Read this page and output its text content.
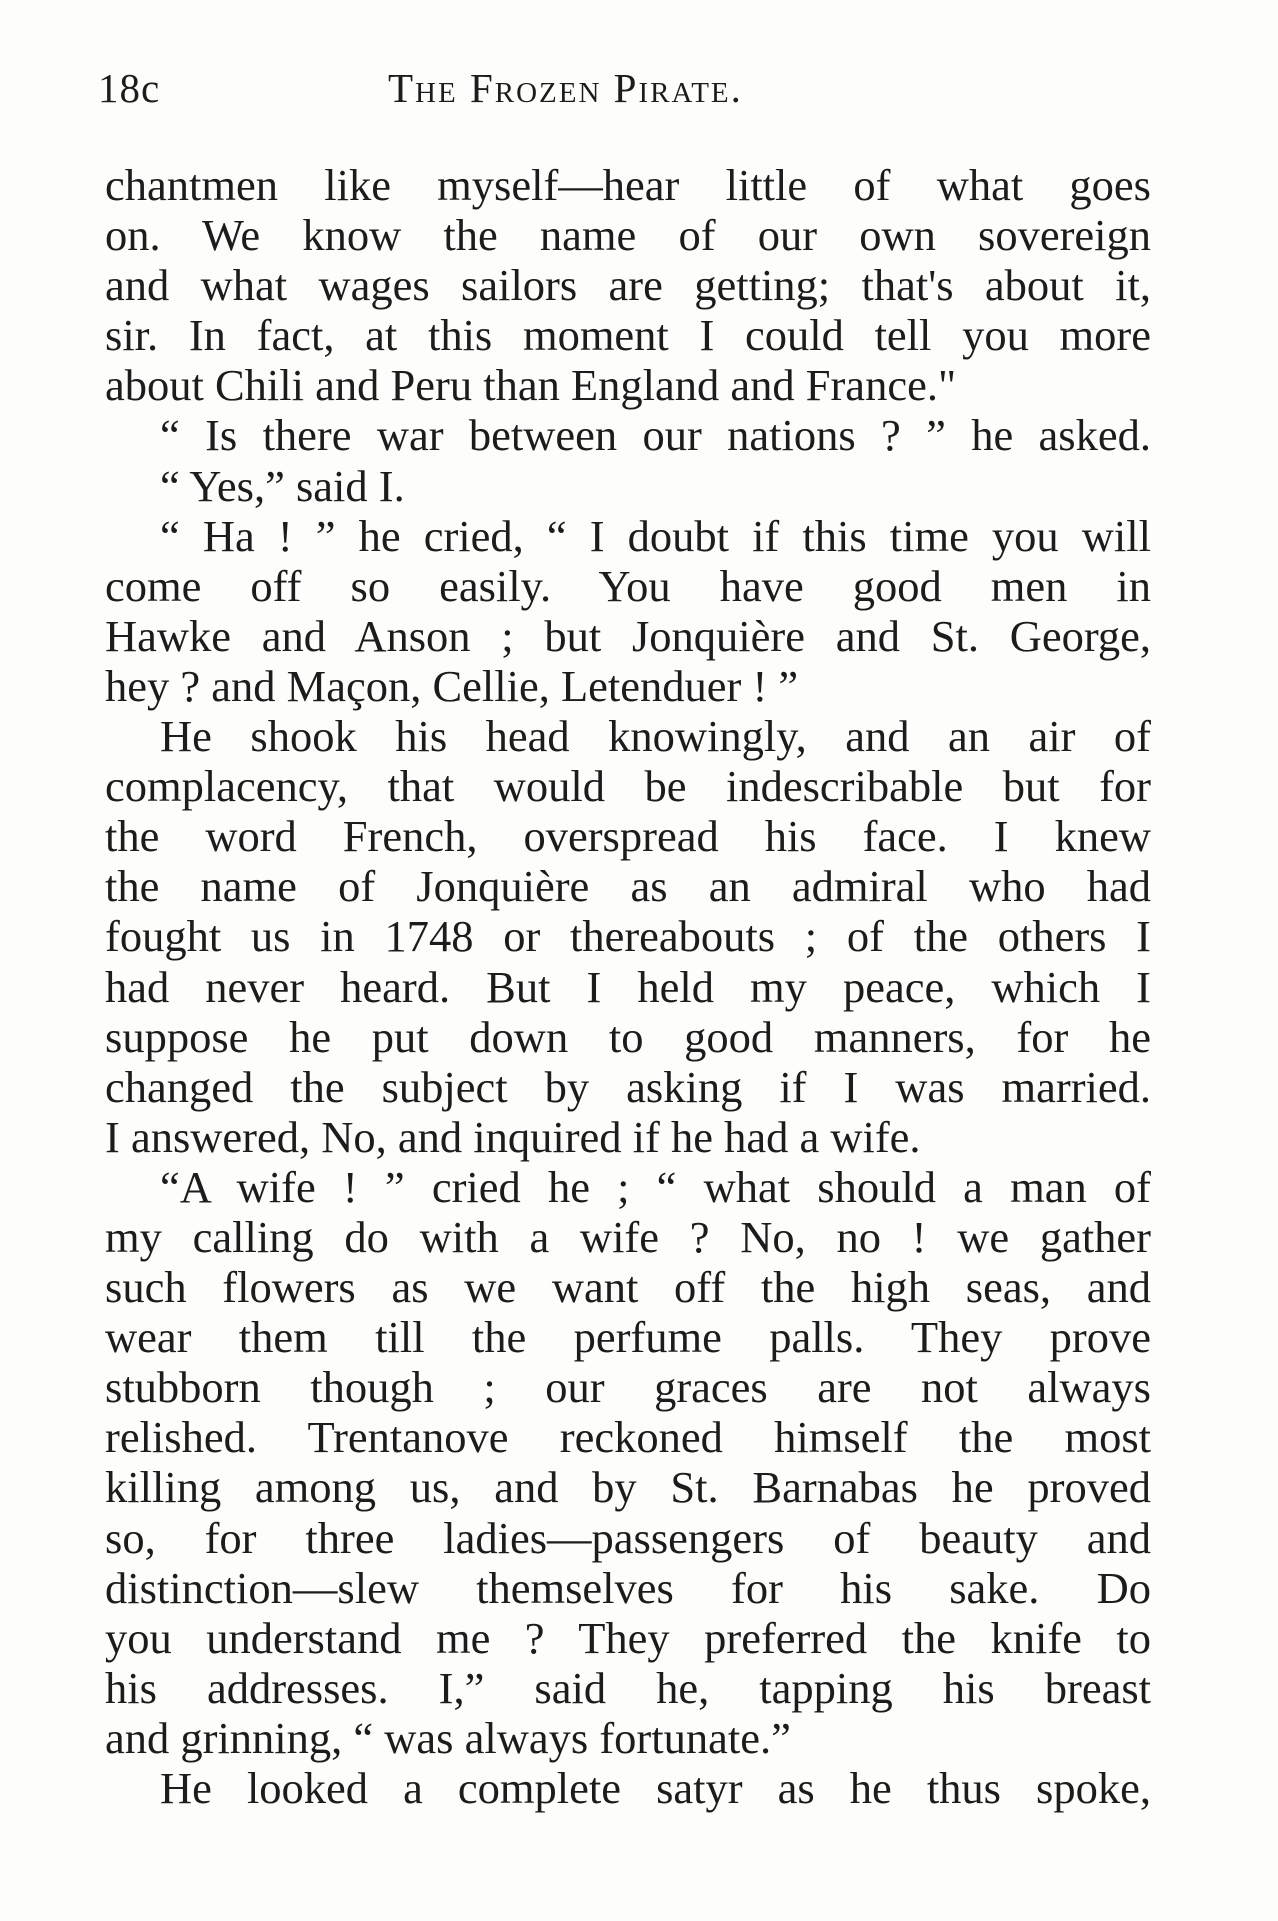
18c	The Frozen Pirate.
chantmen like myself—hear little of what goes
on. We know the name of our own sovereign
and what wages sailors are getting; that's about it,
sir. In fact, at this moment I could tell you more
about Chili and Peru than England and France."
“ Is there war between our nations ? ” he asked.
“ Yes,” said I.
“ Ha ! ” he cried, “ I doubt if this time you will
come off so easily. You have good men in
Hawke and Anson ; but Jonquière and St. George,
hey ? and Maçon, Cellie, Letenduer ! ”
He shook his head knowingly, and an air of
complacency, that would be indescribable but for
the word French, overspread his face. I knew
the name of Jonquière as an admiral who had
fought us in 1748 or thereabouts ; of the others I
had never heard. But I held my peace, which I
suppose he put down to good manners, for he
changed the subject by asking if I was married.
I answered, No, and inquired if he had a wife.
“A wife ! ” cried he ; “ what should a man of
my calling do with a wife ? No, no ! we gather
such flowers as we want off the high seas, and
wear them till the perfume palls. They prove
stubborn though ; our graces are not always
relished. Trentanove reckoned himself the most
killing among us, and by St. Barnabas he proved
so, for three ladies—passengers of beauty and
distinction—slew themselves for his sake. Do
you understand me ? They preferred the knife to
his addresses. I,” said he, tapping his breast
and grinning, “ was always fortunate.”
He looked a complete satyr as he thus spoke,
